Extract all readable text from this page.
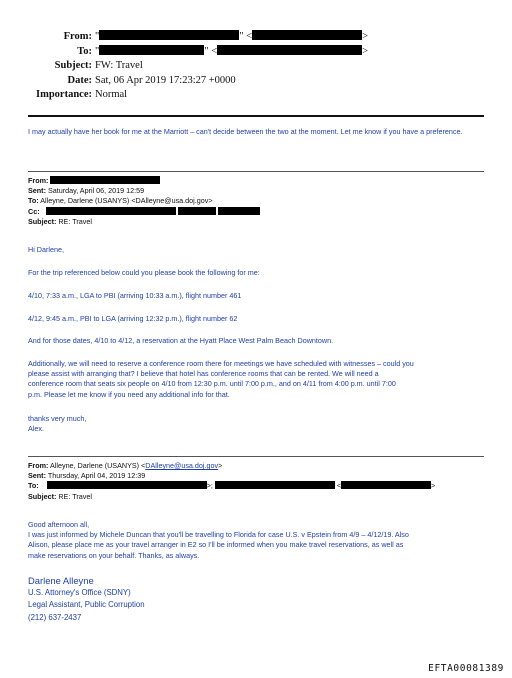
From: "	" <	>
To: "	" <	>
Subject: FW: Travel
Date: Sat, 06 Apr 2019 17:23:27 +0000
Importance: Normal

I may actually have her book for me at the Marriott – can't decide between the two at the moment. Let me know if you have a preference.

From:
Sent: Saturday, April 06, 2019 12:59
To: Alleyne, Darlene (USANYS) <DAlleyne@usa.doj.gov>
Cc:
Subject: RE: Travel
Hi Darlene,
For the trip referenced below could you please book the following for me:
4/10, 7:33 a.m., LGA to PBI (arriving 10:33 a.m.), flight number 461
4/12, 9:45 a.m., PBI to LGA (arriving 12:32 p.m.), flight number 62
And for those dates, 4/10 to 4/12, a reservation at the Hyatt Place West Palm Beach Downtown.
Additionally, we will need to reserve a conference room there for meetings we have scheduled with witnesses – could you
please assist with arranging that? I believe that hotel has conference rooms that can be rented. We will need a
conference room that seats six people on 4/10 from 12:30 p.m. until 7:00 p.m., and on 4/11 from 4:00 p.m. until 7:00
p.m. Please let me know if you need any additional info for that.
thanks very much,
Alex.
From: Alleyne, Darlene (USANYS) <DAlleyne@usa.doj.gov>
Sent: Thursday, April 04, 2019 12:39
To:	>;	<	>
Subject: RE: Travel
Good afternoon all,
I was just informed by Michele Duncan that you'll be travelling to Florida for case U.S. v Epstein from 4/9 – 4/12/19. Also
Alison, please place me as your travel arranger in E2 so I'll be informed when you make travel reservations, as well as
make reservations on your behalf. Thanks, as always.
Darlene Alleyne
U.S. Attorney's Office (SDNY)
Legal Assistant, Public Corruption
(212) 637-2437
EFTA00081389
